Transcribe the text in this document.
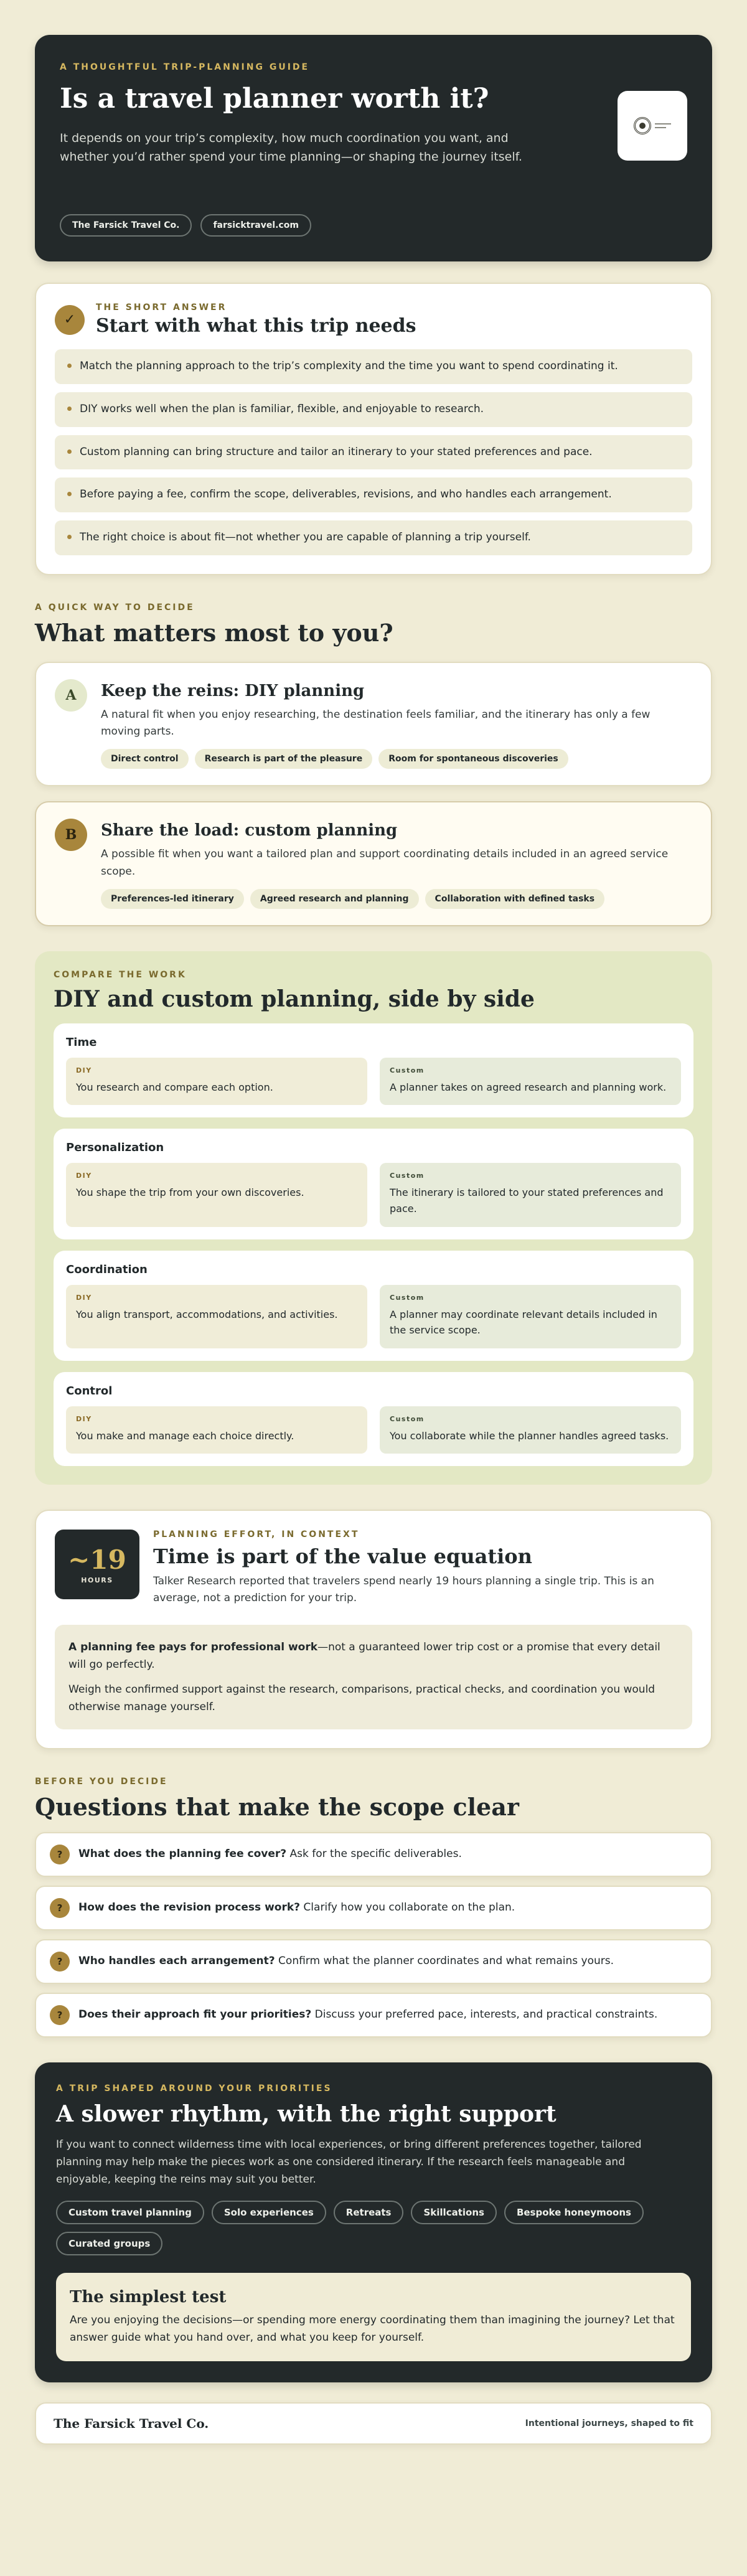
A THOUGHTFUL TRIP-PLANNING GUIDE
Is a travel planner worth it?

It depends on your trip’s complexity, how much coordination you want, and whether you’d rather spend your time planning—or shaping the journey itself.

The Farsick Travel Co.	farsicktravel.com
✓
THE SHORT ANSWER
Start with what this trip needs
Match the planning approach to the trip’s complexity and the time you want to spend coordinating it.
DIY works well when the plan is familiar, flexible, and enjoyable to research.
Custom planning can bring structure and tailor an itinerary to your stated preferences and pace.
Before paying a fee, confirm the scope, deliverables, revisions, and who handles each arrangement.
The right choice is about fit—not whether you are capable of planning a trip yourself.
A QUICK WAY TO DECIDE
What matters most to you?
A	Keep the reins: DIY planning

A natural fit when you enjoy researching, the destination feels familiar, and the itinerary has only a few moving parts.

Direct control	Research is part of the pleasure	Room for spontaneous discoveries
B	Share the load: custom planning

A possible fit when you want a tailored plan and support coordinating details included in an agreed service scope.

Preferences-led itinerary	Agreed research and planning	Collaboration with defined tasks
COMPARE THE WORK
DIY and custom planning, side by side
Time
DIY
You research and compare each option.
Custom
A planner takes on agreed research and planning work.
Personalization
DIY
You shape the trip from your own discoveries.
Custom
The itinerary is tailored to your stated preferences and pace.
Coordination
DIY
You align transport, accommodations, and activities.
Custom
A planner may coordinate relevant details included in the service scope.
Control
DIY
You make and manage each choice directly.
Custom
You collaborate while the planner handles agreed tasks.
~19
HOURS
PLANNING EFFORT, IN CONTEXT
Time is part of the value equation

Talker Research reported that travelers spend nearly 19 hours planning a single trip. This is an average, not a prediction for your trip.

A planning fee pays for professional work—not a guaranteed lower trip cost or a promise that every detail will go perfectly.

Weigh the confirmed support against the research, comparisons, practical checks, and coordination you would otherwise manage yourself.

BEFORE YOU DECIDE
Questions that make the scope clear
?	What does the planning fee cover? Ask for the specific deliverables.
?	How does the revision process work? Clarify how you collaborate on the plan.
?	Who handles each arrangement? Confirm what the planner coordinates and what remains yours.
?	Does their approach fit your priorities? Discuss your preferred pace, interests, and practical constraints.
A TRIP SHAPED AROUND YOUR PRIORITIES
A slower rhythm, with the right support

If you want to connect wilderness time with local experiences, or bring different preferences together, tailored planning may help make the pieces work as one considered itinerary. If the research feels manageable and enjoyable, keeping the reins may suit you better.

Custom travel planning	Solo experiences	Retreats	Skillcations	Bespoke honeymoons
Curated groups
The simplest test

Are you enjoying the decisions—or spending more energy coordinating them than imagining the journey? Let that answer guide what you hand over, and what you keep for yourself.

The Farsick Travel Co.	Intentional journeys, shaped to fit
